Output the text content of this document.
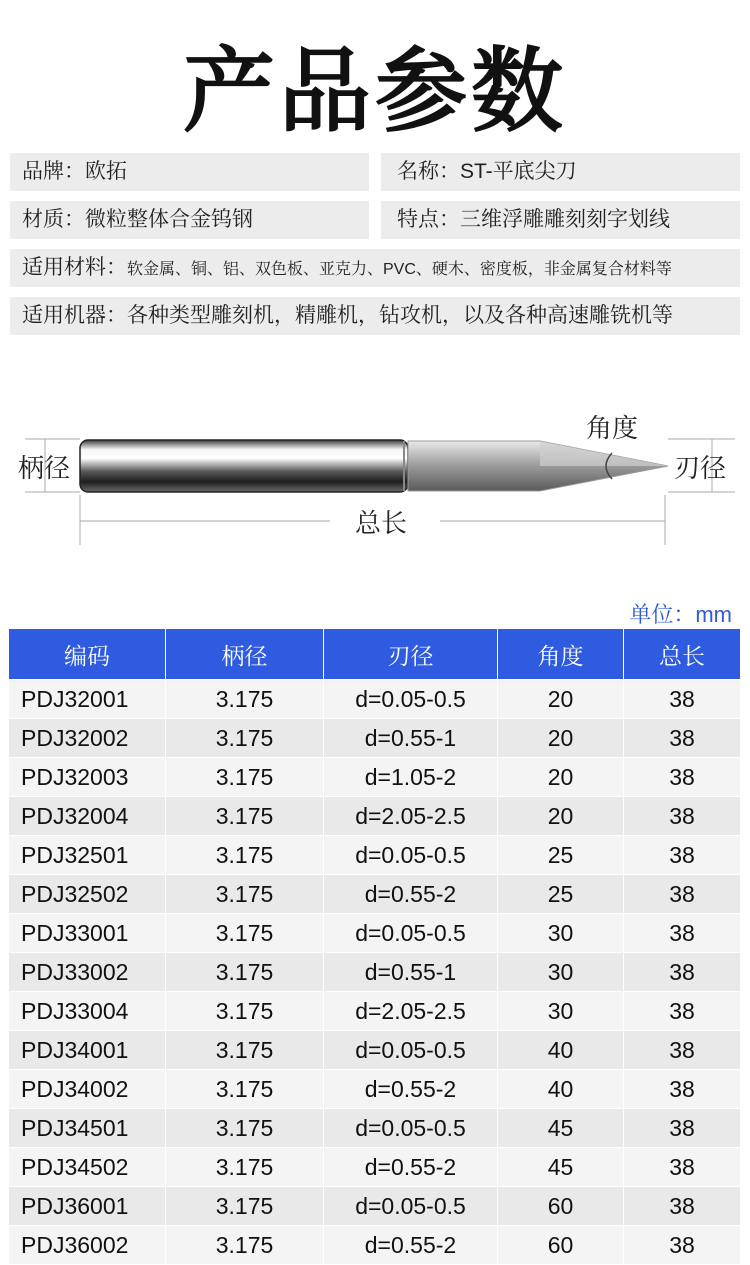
产品参数
品牌：欧拓	名称：ST-平底尖刀
材质：微粒整体合金钨钢	特点：三维浮雕雕刻刻字划线
适用材料：软金属、铜、铝、双色板、亚克力、PVC、硬木、密度板，非金属复合材料等
适用机器：各种类型雕刻机，精雕机，钻攻机，以及各种高速雕铣机等
柄径
角度
刃径
总长
单位：mm
编码	柄径	刃径	角度	总长
PDJ32001	3.175	d=0.05-0.5	20	38
PDJ32002	3.175	d=0.55-1	20	38
PDJ32003	3.175	d=1.05-2	20	38
PDJ32004	3.175	d=2.05-2.5	20	38
PDJ32501	3.175	d=0.05-0.5	25	38
PDJ32502	3.175	d=0.55-2	25	38
PDJ33001	3.175	d=0.05-0.5	30	38
PDJ33002	3.175	d=0.55-1	30	38
PDJ33004	3.175	d=2.05-2.5	30	38
PDJ34001	3.175	d=0.05-0.5	40	38
PDJ34002	3.175	d=0.55-2	40	38
PDJ34501	3.175	d=0.05-0.5	45	38
PDJ34502	3.175	d=0.55-2	45	38
PDJ36001	3.175	d=0.05-0.5	60	38
PDJ36002	3.175	d=0.55-2	60	38
